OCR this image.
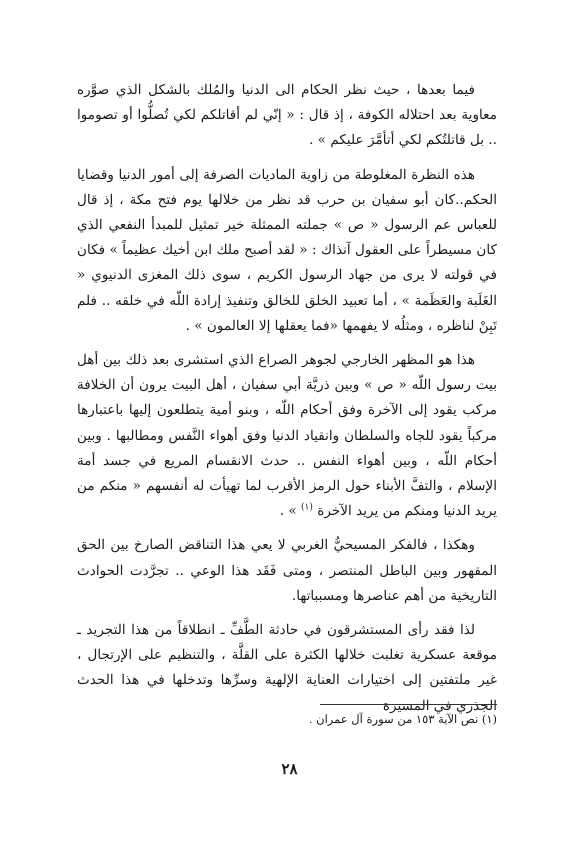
فيما بعدها ، حيث نظر الحكام الى الدنيا والمُلك بالشكل الذي صوَّره معاوية بعد احتلاله الكوفة ، إذ قال : « إنّي لم أقاتلكم لكي تُصلُّوا أو تصوموا .. بل قاتلتُكم لكي أتأمَّرَ عليكم » .

هذه النظرة المغلوطة من زاوية الماديات الصرفة إلى أمور الدنيا وقضايا الحكم..كان أبو سفيان بن حرب قد نظر من خلالها يوم فتح مكة ، إذ قال للعباس عم الرسول « ص » جملته الممثلة خير تمثيل للمبدأ النفعي الذي كان مسيطراً على العقول آنذاك : « لقد أصبح ملك ابن أخيك عظيماً » فكان في قولته لا يرى من جهاد الرسول الكريم ، سوى ذلك المغزى الدنيوي « الغَلَبة والعَظَمة » ، أما تعبيد الخلق للخالق وتنفيذ إرادة اللّه في خلقه .. فلم تَبِنْ لناظره ، ومثلُه لا يفهمها «فما يعقلها إلا العالمون » .

هذا هو المظهر الخارجي لجوهر الصراع الذي استشرى بعد ذلك بين أهل بيت رسول اللّه « ص » وبين ذريَّة أبي سفيان ، أهل البيت يرون أن الخلافة مركب يقود إلى الآخرة وفق أحكام اللّه ، وبنو أمية يتطلعون إليها باعتبارها مركباً يقود للجاه والسلطان وانقياد الدنيا وفق أهواء النَّفس ومطالبها . وبين أحكام اللّه ، وبين أهواء النفس .. حدث الانقسام المريع في جسد أمة الإسلام ، والتفَّ الأبناء حول الرمز الأقرب لما تهيأت له أنفسهم « منكم من يريد الدنيا ومنكم من يريد الآخرة $^{(١)}$ » .

وهكذا ، فالفكر المسيحيُّ الغربي لا يعي هذا التناقض الصارخ بين الحق المقهور وبين الباطل المنتصر ، ومتى فَقَد هذا الوعي .. تجرَّدت الحوادث التاريخية من أهم عناصرها ومسبباتها.

لذا فقد رأى المستشرقون في حادثة الطَّفِّ ـ انطلاقاً من هذا التجريد ـ موقعة عسكرية تغلبت خلالها الكثرة على القلَّة ، والتنظيم على الإرتجال ، غير ملتفتين إلى اختيارات العناية الإلهية وسرِّها وتدخلها في هذا الحدث الجذري في المسيرة

(١) نص الآية ١٥٣ من سورة آل عمران .
٢٨
